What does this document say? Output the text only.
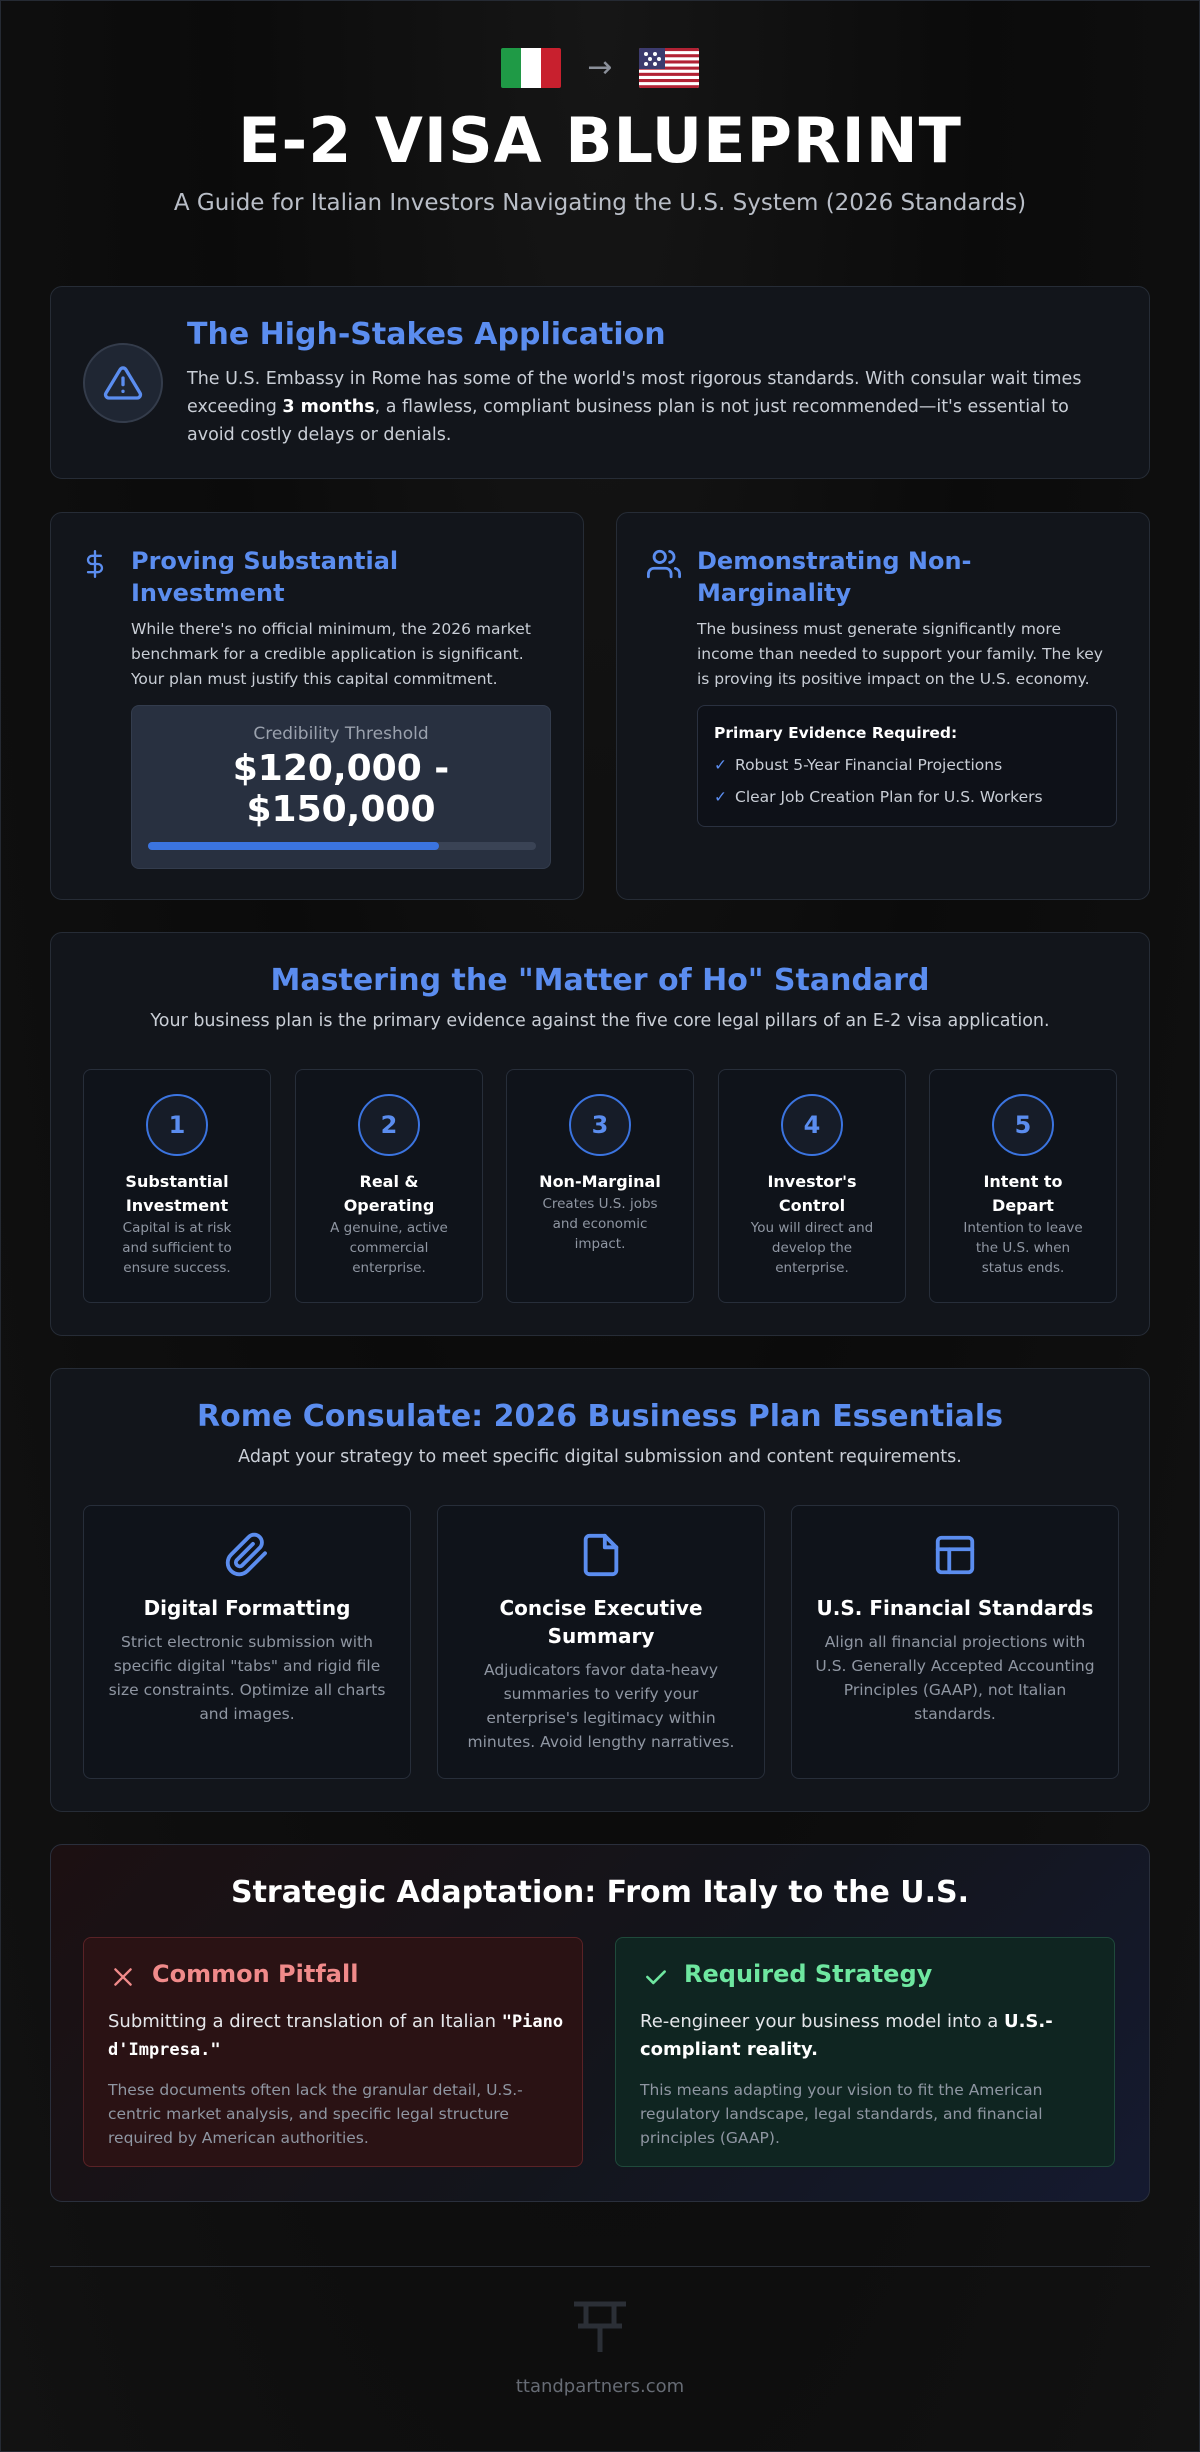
→
E-2 VISA BLUEPRINT
A Guide for Italian Investors Navigating the U.S. System (2026 Standards)
The High-Stakes Application
The U.S. Embassy in Rome has some of the world's most rigorous standards. With consular wait times exceeding 3 months, a flawless, compliant business plan is not just recommended—it's essential to avoid costly delays or denials.
Proving Substantial Investment
While there's no official minimum, the 2026 market benchmark for a credible application is significant. Your plan must justify this capital commitment.
Credibility Threshold
$120,000 - $150,000
Demonstrating Non-Marginality
The business must generate significantly more income than needed to support your family. The key is proving its positive impact on the U.S. economy.
Primary Evidence Required:
✓ Robust 5-Year Financial Projections
✓ Clear Job Creation Plan for U.S. Workers
Mastering the "Matter of Ho" Standard
Your business plan is the primary evidence against the five core legal pillars of an E-2 visa application.
1
Substantial Investment
Capital is at risk and sufficient to ensure success.
2
Real & Operating
A genuine, active commercial enterprise.
3
Non-Marginal
Creates U.S. jobs and economic impact.
4
Investor's Control
You will direct and develop the enterprise.
5
Intent to Depart
Intention to leave the U.S. when status ends.
Rome Consulate: 2026 Business Plan Essentials
Adapt your strategy to meet specific digital submission and content requirements.
Digital Formatting
Strict electronic submission with specific digital "tabs" and rigid file size constraints. Optimize all charts and images.
Concise Executive Summary
Adjudicators favor data-heavy summaries to verify your enterprise's legitimacy within minutes. Avoid lengthy narratives.
U.S. Financial Standards
Align all financial projections with U.S. Generally Accepted Accounting Principles (GAAP), not Italian standards.
Strategic Adaptation: From Italy to the U.S.
Common Pitfall
Submitting a direct translation of an Italian "Piano d'Impresa."
These documents often lack the granular detail, U.S.-centric market analysis, and specific legal structure required by American authorities.
Required Strategy
Re-engineer your business model into a U.S.-compliant reality.
This means adapting your vision to fit the American regulatory landscape, legal standards, and financial principles (GAAP).
ttandpartners.com
